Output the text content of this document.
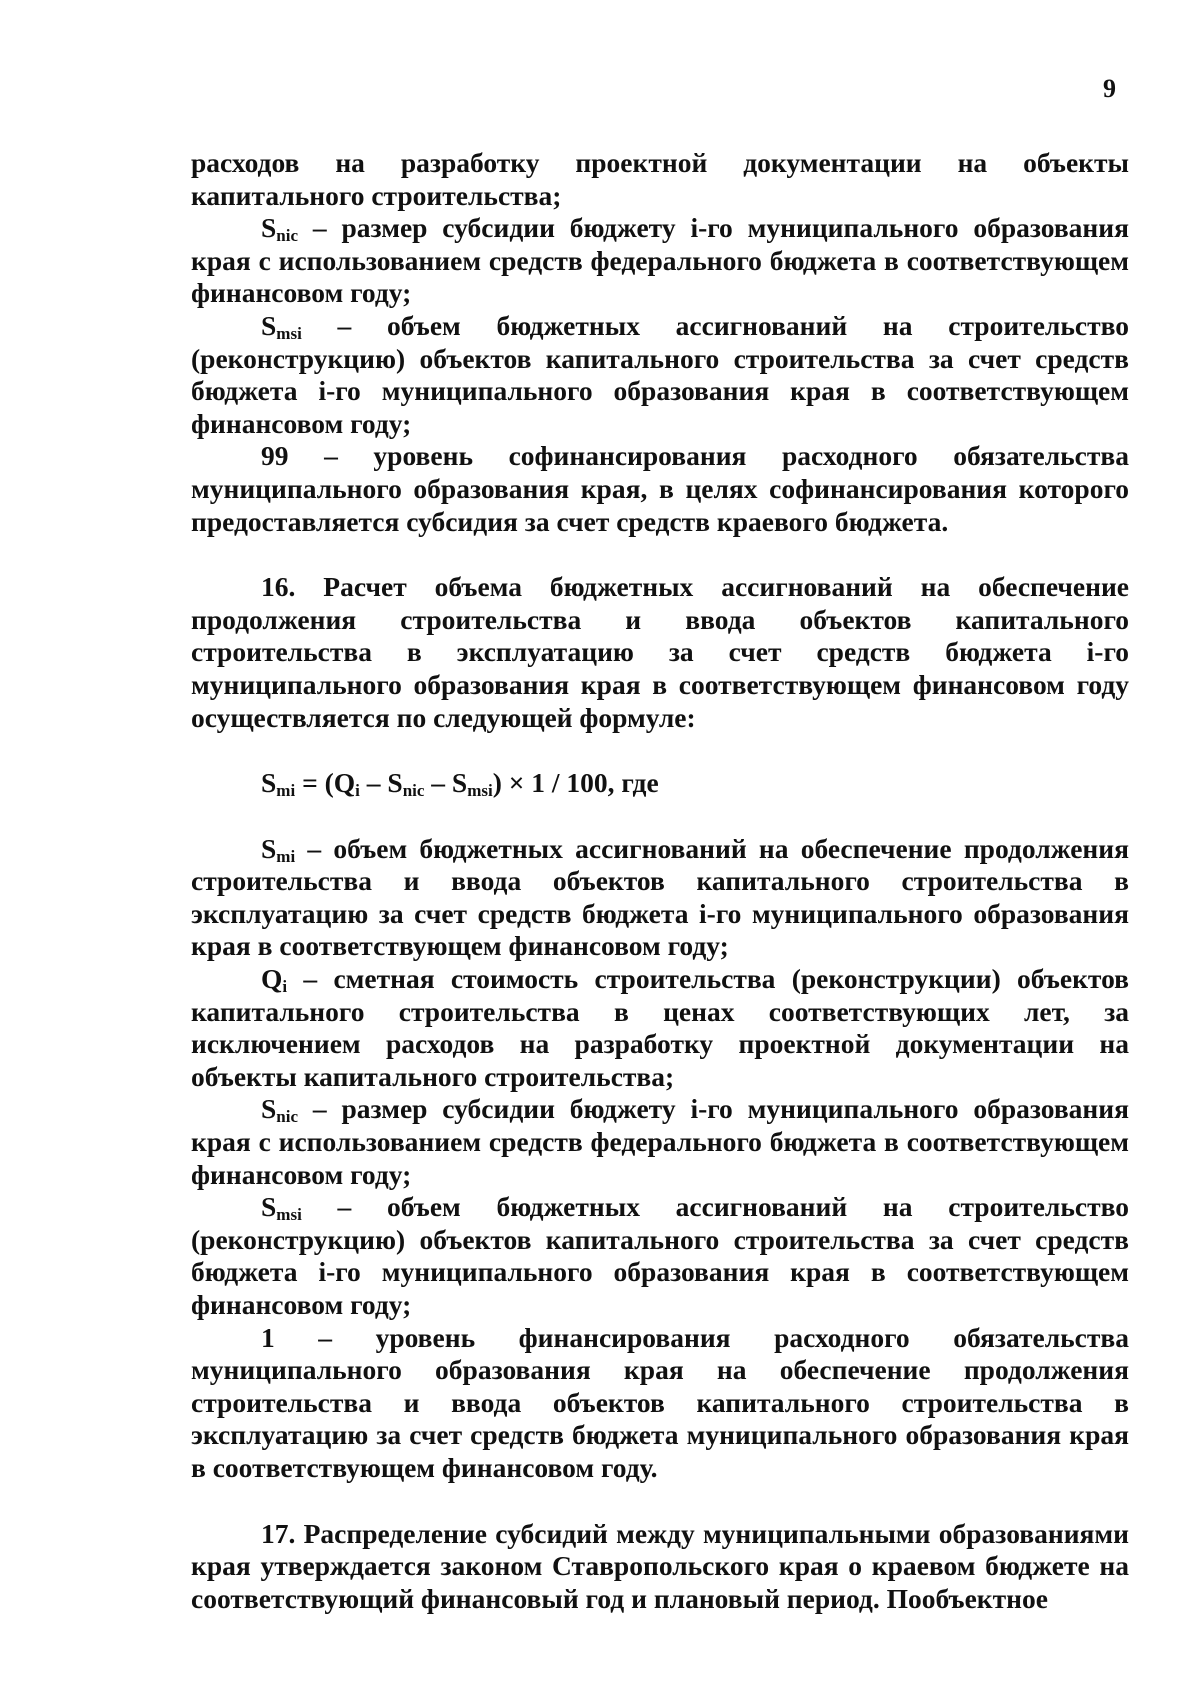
9

расходов на разработку проектной документации на объекты капитального строительства;

$S_{nic}$ – размер субсидии бюджету i-го муниципального образования края с использованием средств федерального бюджета в соответствующем финансовом году;

$S_{msi}$ – объем бюджетных ассигнований на строительство (реконструкцию) объектов капитального строительства за счет средств бюджета i-го муниципального образования края в соответствующем финансовом году;

99 – уровень софинансирования расходного обязательства муниципального образования края, в целях софинансирования которого предоставляется субсидия за счет средств краевого бюджета.

16. Расчет объема бюджетных ассигнований на обеспечение продолжения строительства и ввода объектов капитального строительства в эксплуатацию за счет средств бюджета i-го муниципального образования края в соответствующем финансовом году осуществляется по следующей формуле:

$S_{mi} = (Q_i - S_{nic} - S_{msi}) \times 1 / 100$, где

$S_{mi}$ – объем бюджетных ассигнований на обеспечение продолжения строительства и ввода объектов капитального строительства в эксплуатацию за счет средств бюджета i-го муниципального образования края в соответствующем финансовом году;

$Q_i$ – сметная стоимость строительства (реконструкции) объектов капитального строительства в ценах соответствующих лет, за исключением расходов на разработку проектной документации на объекты капитального строительства;

$S_{nic}$ – размер субсидии бюджету i-го муниципального образования края с использованием средств федерального бюджета в соответствующем финансовом году;

$S_{msi}$ – объем бюджетных ассигнований на строительство (реконструкцию) объектов капитального строительства за счет средств бюджета i-го муниципального образования края в соответствующем финансовом году;

1 – уровень финансирования расходного обязательства муниципального образования края на обеспечение продолжения строительства и ввода объектов капитального строительства в эксплуатацию за счет средств бюджета муниципального образования края в соответствующем финансовом году.

17. Распределение субсидий между муниципальными образованиями края утверждается законом Ставропольского края о краевом бюджете на соответствующий финансовый год и плановый период. Пообъектное
